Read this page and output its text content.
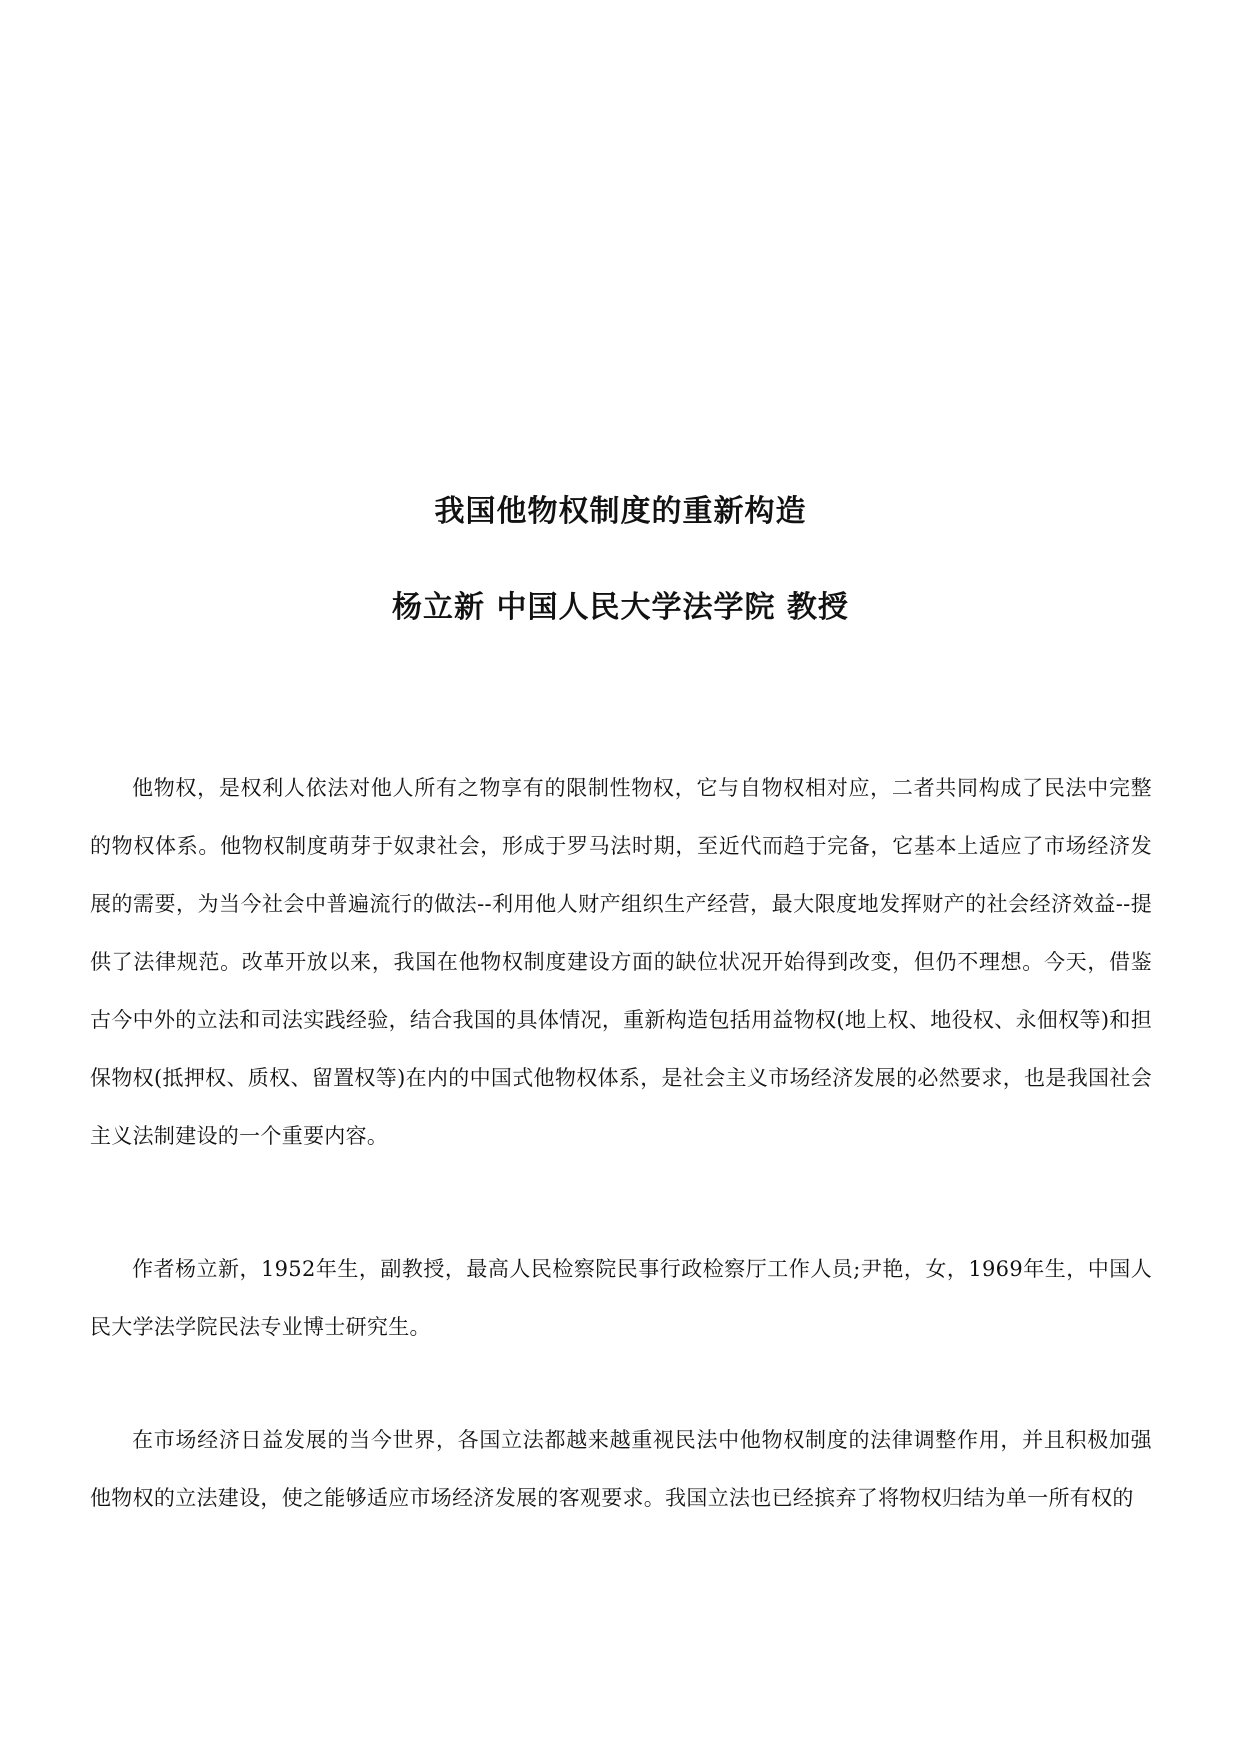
我国他物权制度的重新构造
杨立新 中国人民大学法学院 教授

他物权，是权利人依法对他人所有之物享有的限制性物权，它与自物权相对应，二者共同构成了民法中完整的物权体系。他物权制度萌芽于奴隶社会，形成于罗马法时期，至近代而趋于完备，它基本上适应了市场经济发展的需要，为当今社会中普遍流行的做法--利用他人财产组织生产经营，最大限度地发挥财产的社会经济效益--提供了法律规范。改革开放以来，我国在他物权制度建设方面的缺位状况开始得到改变，但仍不理想。今天，借鉴古今中外的立法和司法实践经验，结合我国的具体情况，重新构造包括用益物权(地上权、地役权、永佃权等)和担保物权(抵押权、质权、留置权等)在内的中国式他物权体系，是社会主义市场经济发展的必然要求，也是我国社会主义法制建设的一个重要内容。

作者杨立新，1952年生，副教授，最高人民检察院民事行政检察厅工作人员;尹艳，女，1969年生，中国人民大学法学院民法专业博士研究生。

在市场经济日益发展的当今世界，各国立法都越来越重视民法中他物权制度的法律调整作用，并且积极加强他物权的立法建设，使之能够适应市场经济发展的客观要求。我国立法也已经摈弃了将物权归结为单一所有权的
